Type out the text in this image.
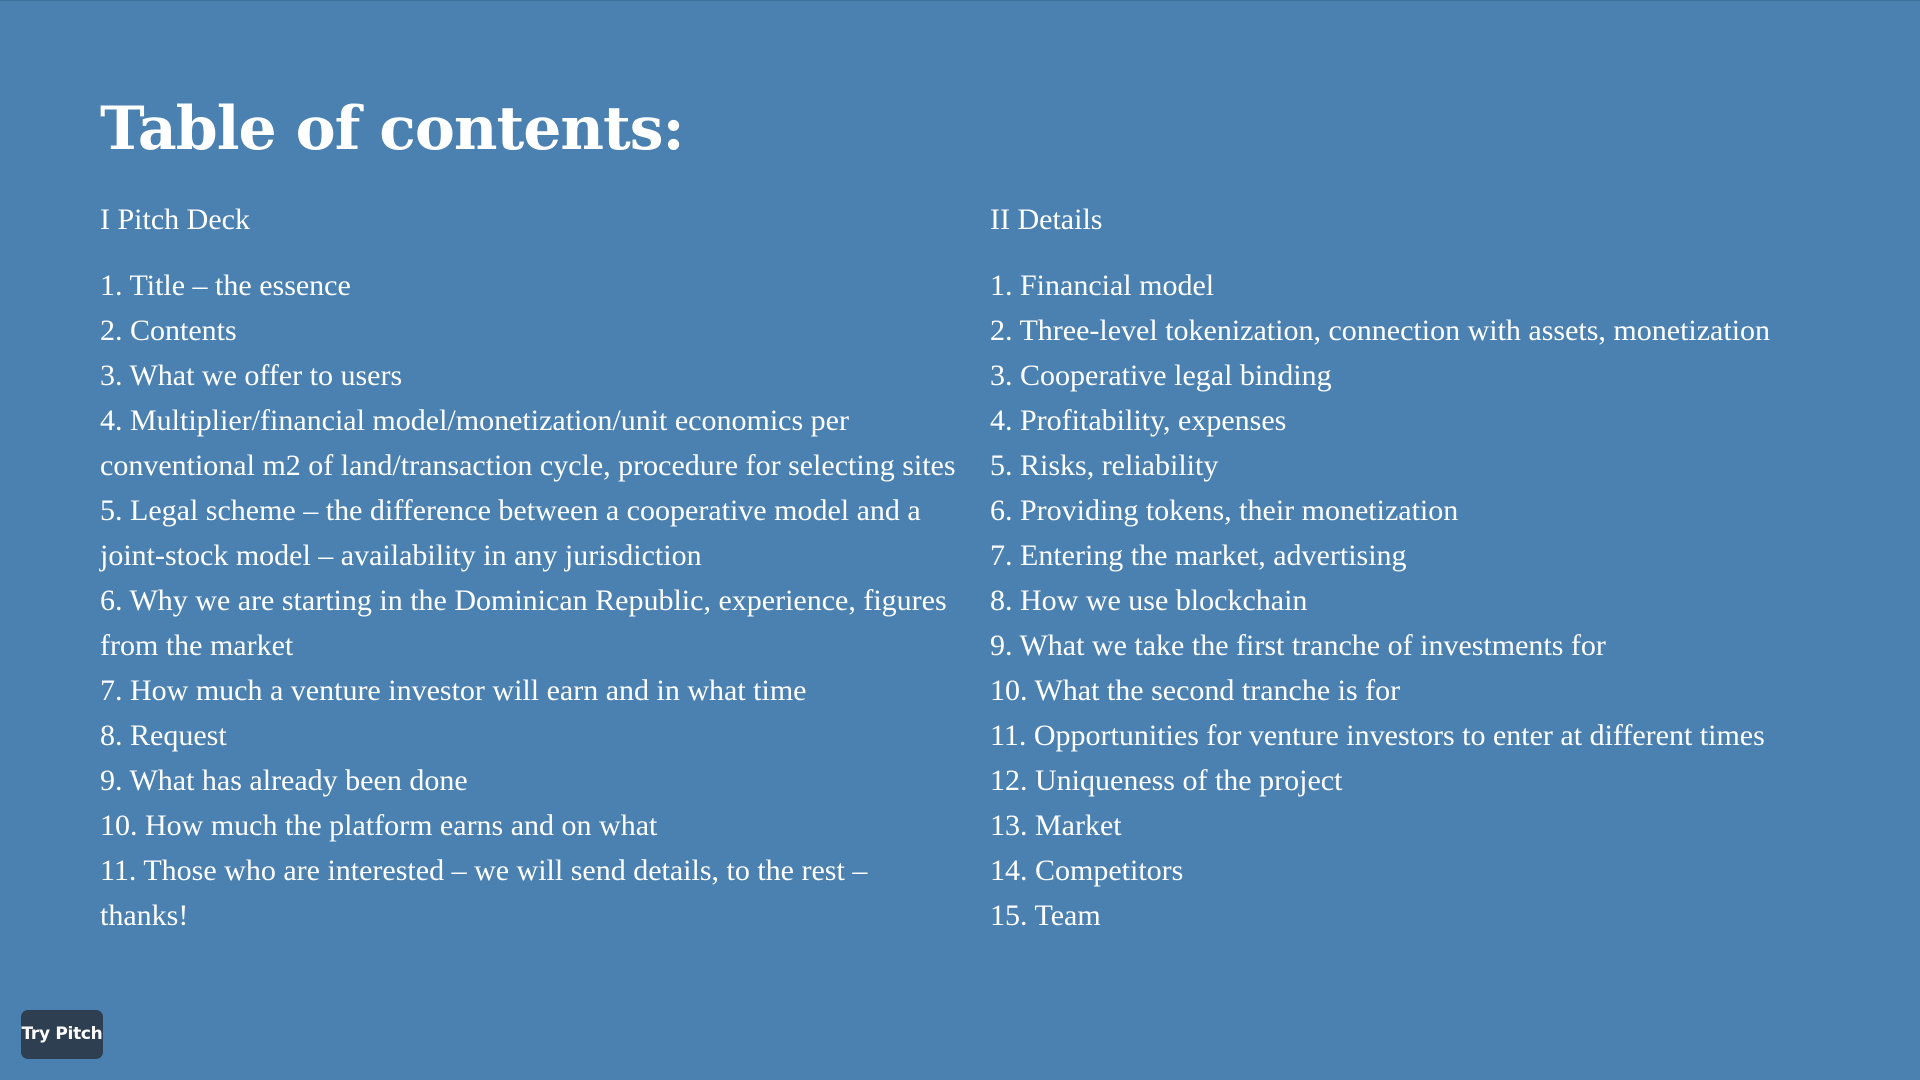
Table of contents:
I Pitch Deck
1. Title – the essence
2. Contents
3. What we offer to users
4. Multiplier/financial model/monetization/unit economics per conventional m2 of land/transaction cycle, procedure for selecting sites
5. Legal scheme – the difference between a cooperative model and a joint-stock model – availability in any jurisdiction
6. Why we are starting in the Dominican Republic, experience, figures from the market
7. How much a venture investor will earn and in what time
8. Request
9. What has already been done
10. How much the platform earns and on what
11. Those who are interested – we will send details, to the rest – thanks!
II Details
1. Financial model
2. Three-level tokenization, connection with assets, monetization
3. Cooperative legal binding
4. Profitability, expenses
5. Risks, reliability
6. Providing tokens, their monetization
7. Entering the market, advertising
8. How we use blockchain
9. What we take the first tranche of investments for
10. What the second tranche is for
11. Opportunities for venture investors to enter at different times
12. Uniqueness of the project
13. Market
14. Competitors
15. Team
Try Pitch
